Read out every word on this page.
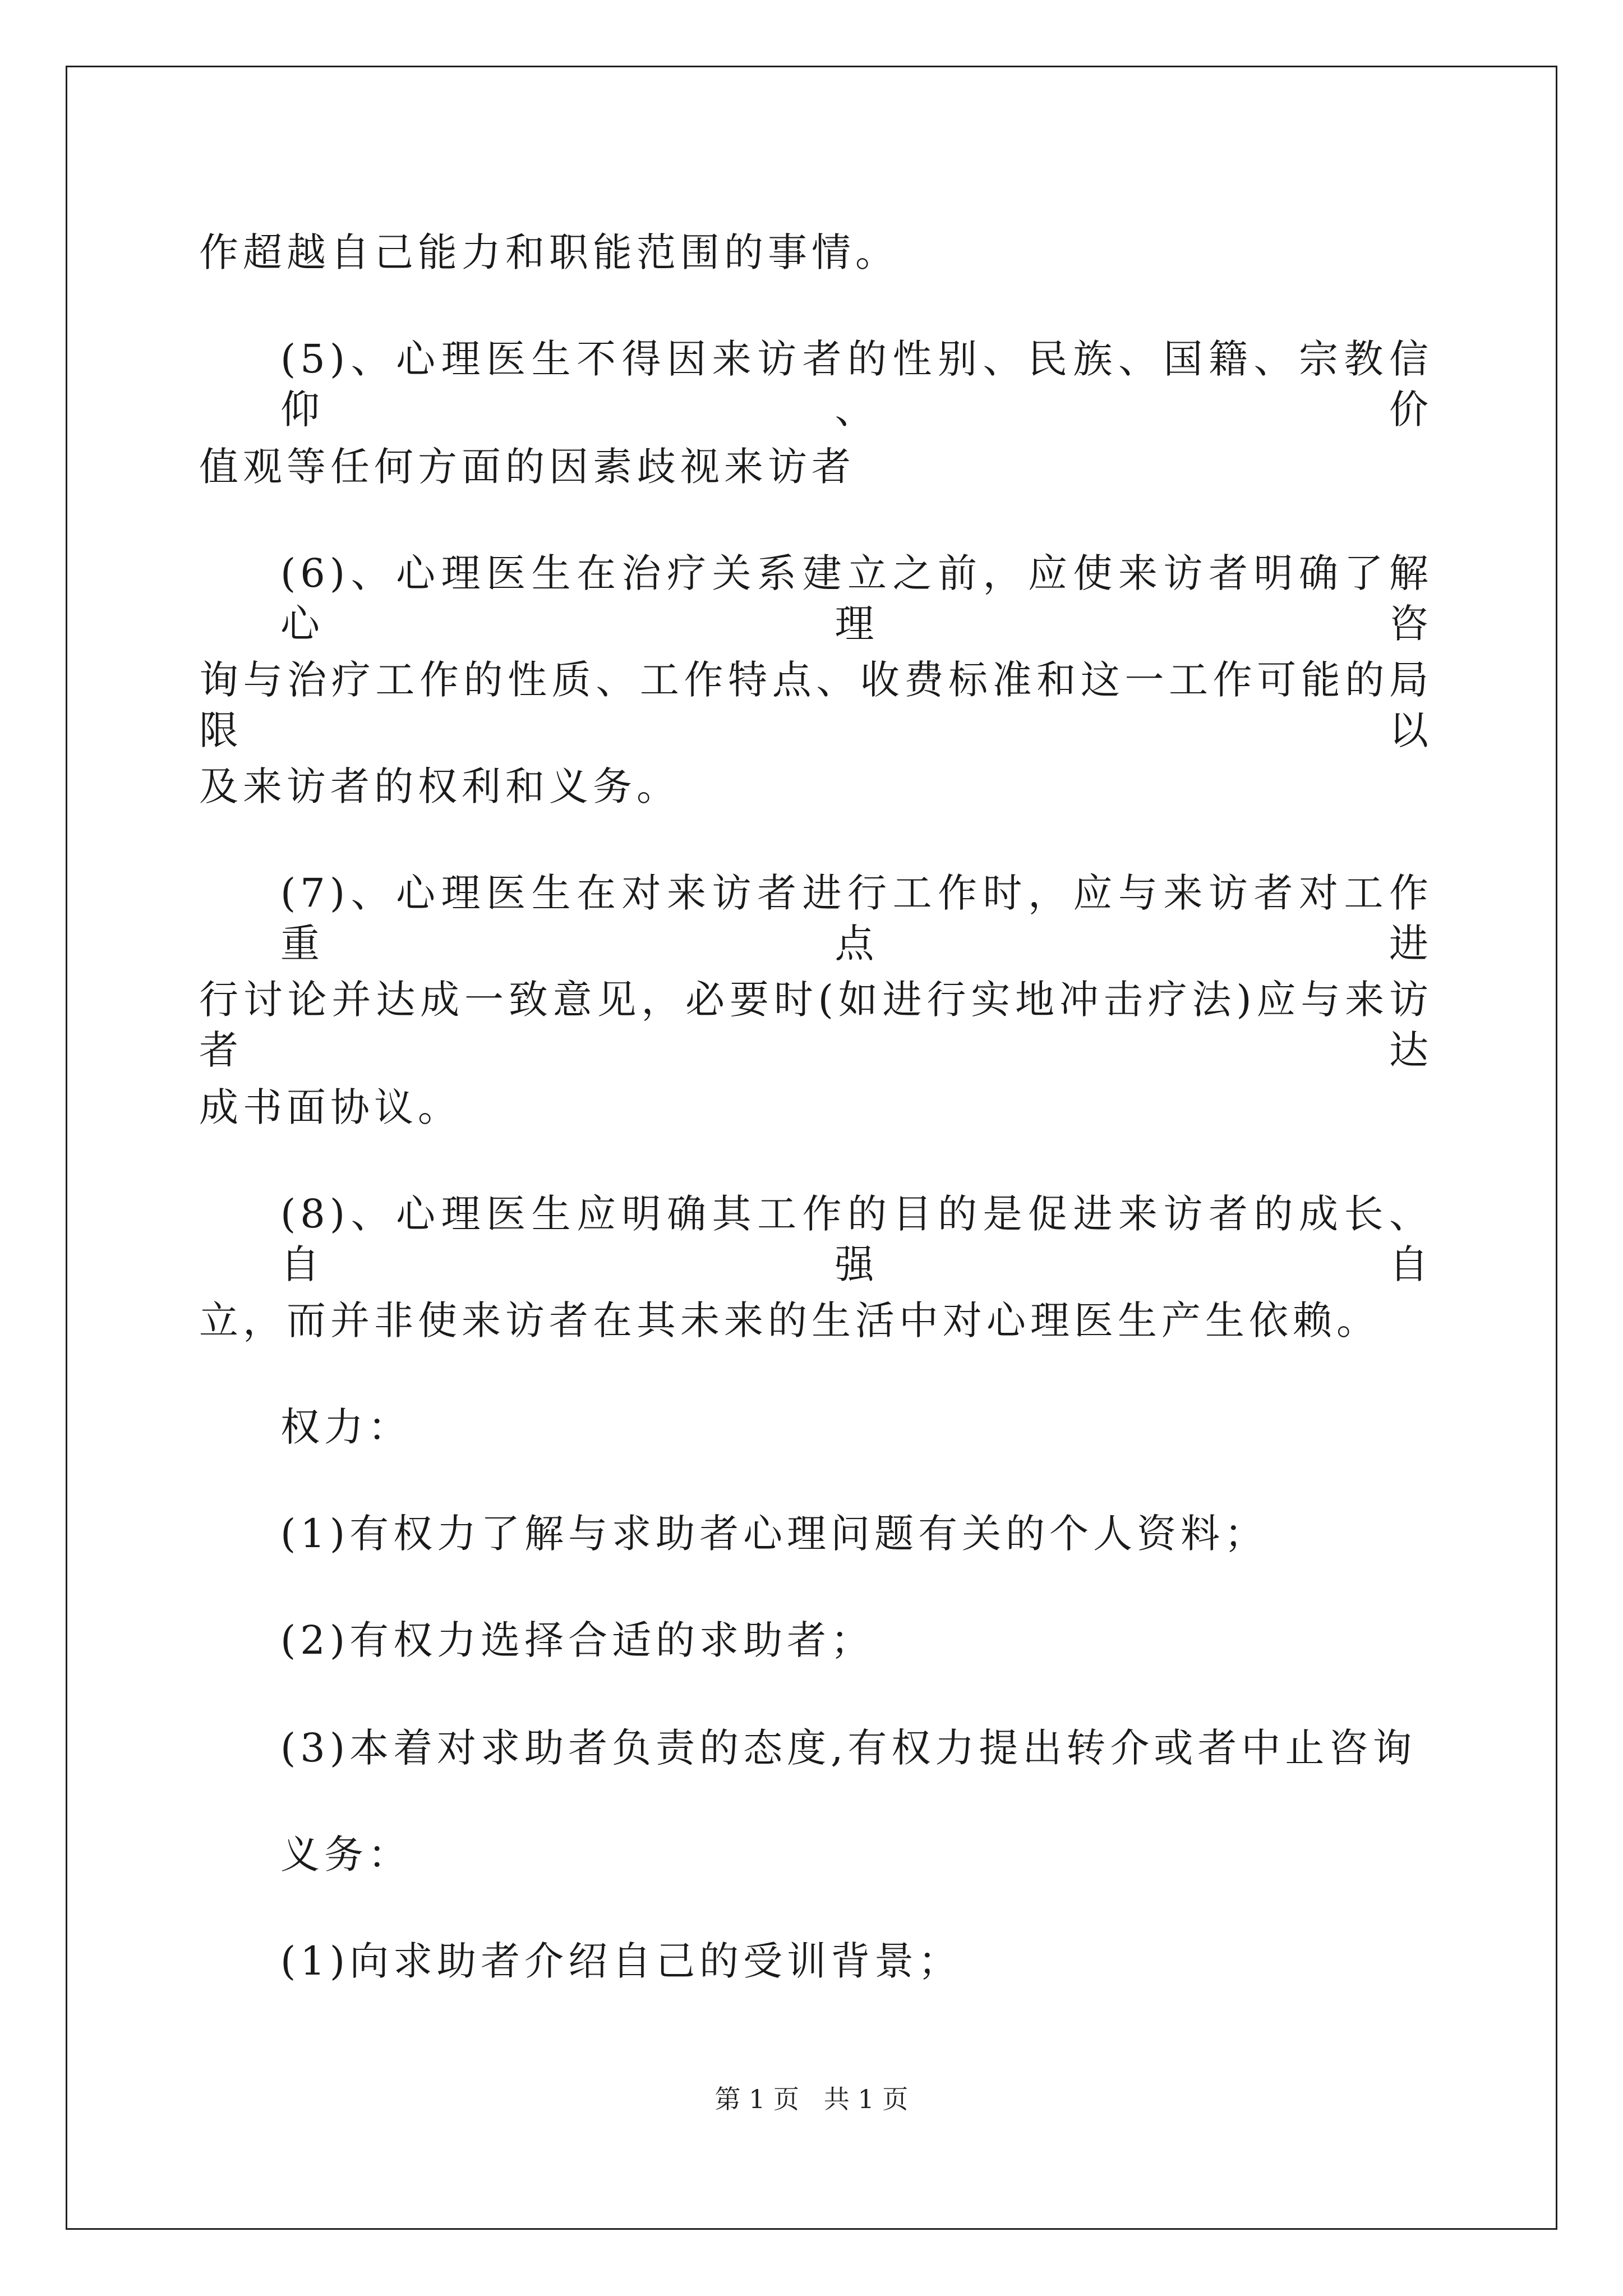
作超越自己能力和职能范围的事情。
(5)、心理医生不得因来访者的性别、民族、国籍、宗教信仰、价
值观等任何方面的因素歧视来访者
(6)、心理医生在治疗关系建立之前，应使来访者明确了解心理咨
询与治疗工作的性质、工作特点、收费标准和这一工作可能的局限以
及来访者的权利和义务。
(7)、心理医生在对来访者进行工作时，应与来访者对工作重点进
行讨论并达成一致意见，必要时(如进行实地冲击疗法)应与来访者达
成书面协议。
(8)、心理医生应明确其工作的目的是促进来访者的成长、自强自
立，而并非使来访者在其未来的生活中对心理医生产生依赖。
权力：
(1)有权力了解与求助者心理问题有关的个人资料；
(2)有权力选择合适的求助者；
(3)本着对求助者负责的态度,有权力提出转介或者中止咨询
义务：
(1)向求助者介绍自己的受训背景；
第 1 页   共 1 页
